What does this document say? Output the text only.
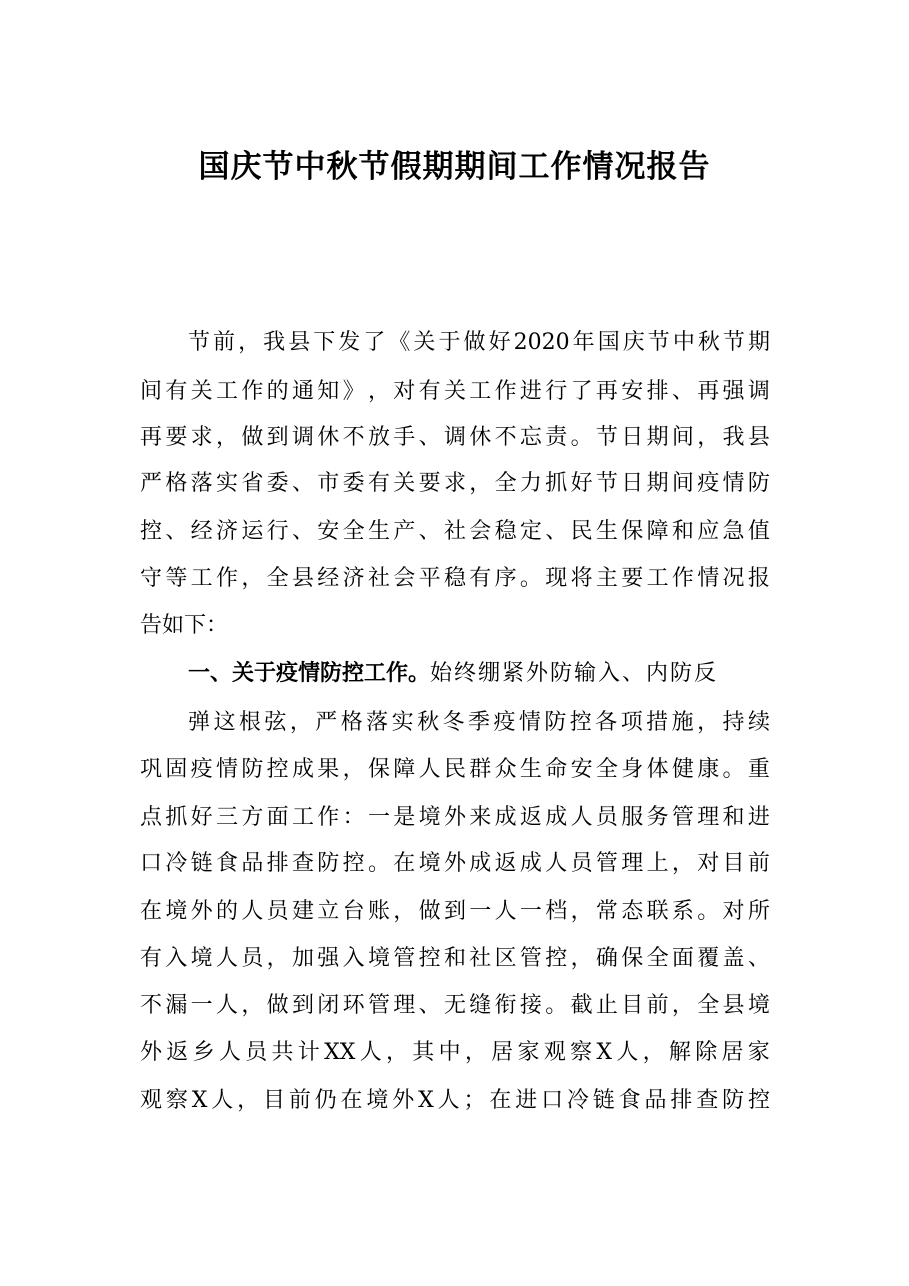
国庆节中秋节假期期间工作情况报告
节 前 ， 我 县 下 发 了 《 关 于 做 好 2020 年 国 庆 节 中 秋 节 期
间 有 关 工 作 的 通 知 》 ， 对 有 关 工 作 进 行 了 再 安 排 、 再 强 调
再 要 求 ， 做 到 调 休 不 放 手 、 调 休 不 忘 责 。 节 日 期 间 ， 我 县
严 格 落 实 省 委 、 市 委 有 关 要 求 ， 全 力 抓 好 节 日 期 间 疫 情 防
控 、 经 济 运 行 、 安 全 生 产 、 社 会 稳 定 、 民 生 保 障 和 应 急 值
守 等 工 作 ， 全 县 经 济 社 会 平 稳 有 序 。 现 将 主 要 工 作 情 况 报
告如下：
一、关于疫情防控工作。 始终绷紧外防输入、内防反
弹 这 根 弦 ， 严 格 落 实 秋 冬 季 疫 情 防 控 各 项 措 施 ， 持 续
巩 固 疫 情 防 控 成 果 ， 保 障 人 民 群 众 生 命 安 全 身 体 健 康 。 重
点 抓 好 三 方 面 工 作 ： 一 是 境 外 来 成 返 成 人 员 服 务 管 理 和 进
口 冷 链 食 品 排 查 防 控 。 在 境 外 成 返 成 人 员 管 理 上 ， 对 目 前
在 境 外 的 人 员 建 立 台 账 ， 做 到 一 人 一 档 ， 常 态 联 系 。 对 所
有 入 境 人 员 ， 加 强 入 境 管 控 和 社 区 管 控 ， 确 保 全 面 覆 盖 、
不 漏 一 人 ， 做 到 闭 环 管 理 、 无 缝 衔 接 。 截 止 目 前 ， 全 县 境
外 返 乡 人 员 共 计 XX 人 ， 其 中 ， 居 家 观 察 X 人 ， 解 除 居 家
观 察 X 人 ， 目 前 仍 在 境 外 X 人 ； 在 进 口 冷 链 食 品 排 查 防 控
